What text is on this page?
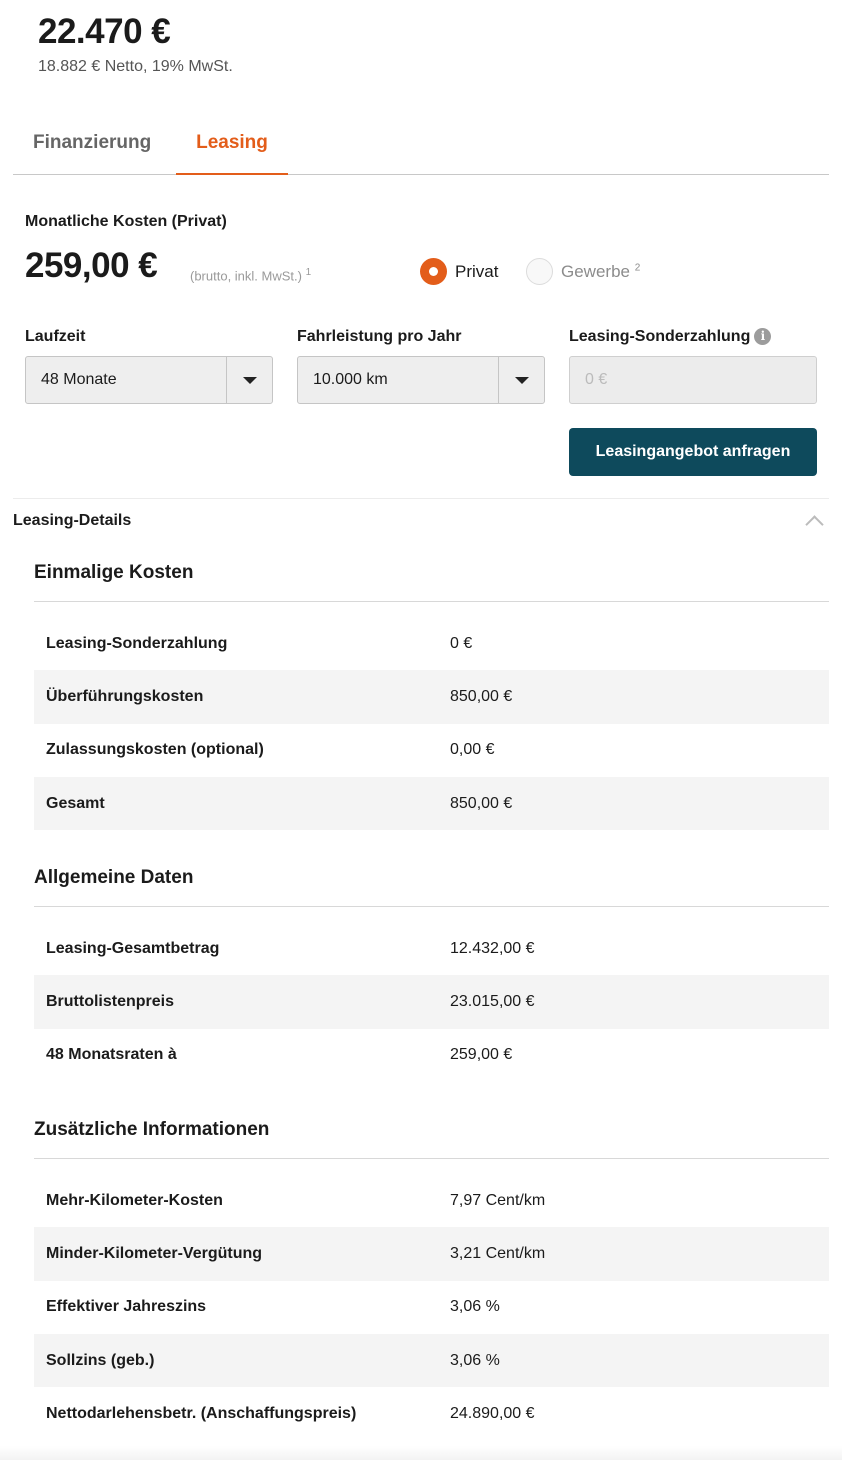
22.470 €
18.882 € Netto, 19% MwSt.
Finanzierung	Leasing
Monatliche Kosten (Privat)
259,00 €	(brutto, inkl. MwSt.) $^1$	Privat	Gewerbe $^2$
Laufzeit	Fahrleistung pro Jahr	Leasing-Sonderzahlung i
48 Monate	10.000 km
0 €
Leasingangebot anfragen
Leasing-Details
Einmalige Kosten
Leasing-Sonderzahlung	0 €
Überführungskosten	850,00 €
Zulassungskosten (optional)	0,00 €
Gesamt	850,00 €
Allgemeine Daten
Leasing-Gesamtbetrag	12.432,00 €
Bruttolistenpreis	23.015,00 €
48 Monatsraten à	259,00 €
Zusätzliche Informationen
Mehr-Kilometer-Kosten	7,97 Cent/km
Minder-Kilometer-Vergütung	3,21 Cent/km
Effektiver Jahreszins	3,06 %
Sollzins (geb.)	3,06 %
Nettodarlehensbetr. (Anschaffungspreis)	24.890,00 €
